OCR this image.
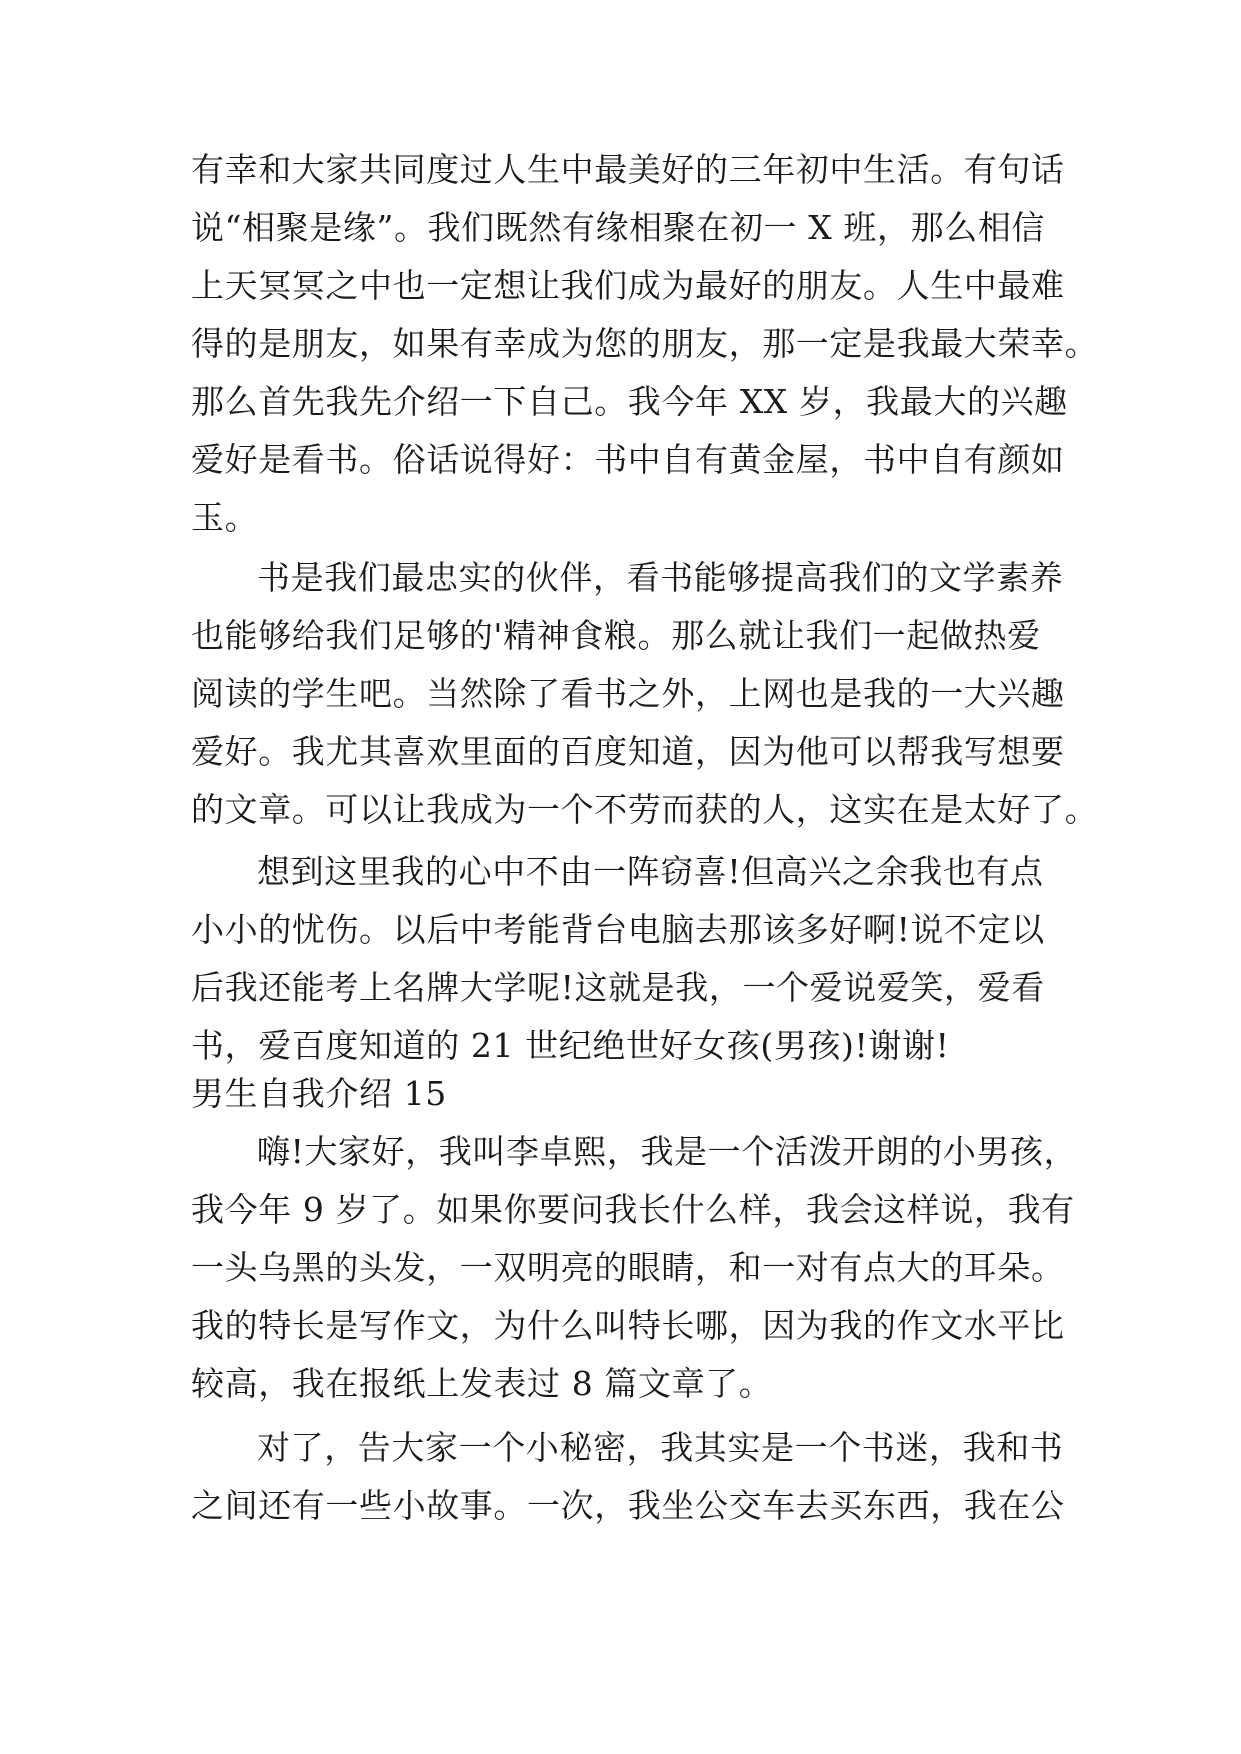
有幸和大家共同度过人生中最美好的三年初中生活。有句话
说“相聚是缘”。我们既然有缘相聚在初一 X 班，那么相信
上天冥冥之中也一定想让我们成为最好的朋友。人生中最难
得的是朋友，如果有幸成为您的朋友，那一定是我最大荣幸。
那么首先我先介绍一下自己。我今年 XX 岁，我最大的兴趣
爱好是看书。俗话说得好：书中自有黄金屋，书中自有颜如
玉。
书是我们最忠实的伙伴，看书能够提高我们的文学素养
也能够给我们足够的'精神食粮。那么就让我们一起做热爱
阅读的学生吧。当然除了看书之外，上网也是我的一大兴趣
爱好。我尤其喜欢里面的百度知道，因为他可以帮我写想要
的文章。可以让我成为一个不劳而获的人，这实在是太好了。
想到这里我的心中不由一阵窃喜!但高兴之余我也有点
小小的忧伤。以后中考能背台电脑去那该多好啊!说不定以
后我还能考上名牌大学呢!这就是我，一个爱说爱笑，爱看
书，爱百度知道的 21 世纪绝世好女孩(男孩)!谢谢!
男生自我介绍 15
嗨!大家好，我叫李卓熙，我是一个活泼开朗的小男孩，
我今年 9 岁了。如果你要问我长什么样，我会这样说，我有
一头乌黑的头发，一双明亮的眼睛，和一对有点大的耳朵。
我的特长是写作文，为什么叫特长哪，因为我的作文水平比
较高，我在报纸上发表过 8 篇文章了。
对了，告大家一个小秘密，我其实是一个书迷，我和书
之间还有一些小故事。一次，我坐公交车去买东西，我在公
